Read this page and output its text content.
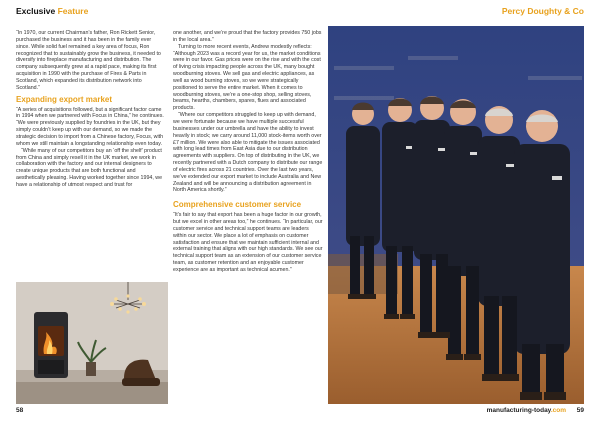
Exclusive Feature	Percy Doughty & Co

“In 1970, our current Chairman’s father, Ron Rickett Senior, purchased the business and it has been in the family ever since. While solid fuel remained a key area of focus, Ron recognized that to sustainably grow the business, it needed to diversify into fireplace manufacturing and distribution. The company subsequently grew at a rapid pace, making its first acquisition in 1990 with the purchase of Fires & Parts in Scotland, which expanded its distribution network into Scotland.”

Expanding export market

“A series of acquisitions followed, but a significant factor came in 1994 when we partnered with Focus in China,” he continues. “We were previously supplied by foundries in the UK, but they simply couldn’t keep up with our demand, so we made the strategic decision to import from a Chinese factory, Focus, with whom we still maintain a longstanding relationship even today.

“While many of our competitors buy an ‘off the shelf’ product from China and simply resell it in the UK market, we work in collaboration with the factory and our internal designers to create unique products that are both functional and aesthetically pleasing. Having worked together since 1994, we have a relationship of utmost respect and trust for

one another, and we’re proud that the factory provides 750 jobs in the local area.”

Turning to more recent events, Andrew modestly reflects: “Although 2023 was a record year for us, the market conditions were in our favor. Gas prices were on the rise and with the cost of living crisis impacting people across the UK, many bought woodburning stoves. We sell gas and electric appliances, as well as wood burning stoves, so we were strategically positioned to serve the entire market. When it comes to woodburning stoves, we’re a one-stop shop, selling stoves, beams, hearths, chambers, spares, flues and associated products.

“Where our competitors struggled to keep up with demand, we were fortunate because we have multiple successful businesses under our umbrella and have the ability to invest heavily in stock; we carry around 11,000 stock-items worth over £7 million. We were also able to mitigate the issues associated with long lead times from East Asia due to our distribution agreements with suppliers. On top of distributing in the UK, we recently partnered with a Dutch company to distribute our range of electric fires across 21 countries. Over the last two years, we’ve extended our export market to include Australia and New Zealand and will be announcing a distribution agreement in North America shortly.”

Comprehensive customer service

“It’s fair to say that export has been a huge factor in our growth, but we excel in other areas too,” he continues. “In particular, our customer service and technical support teams are leaders within our sector. We place a lot of emphasis on customer satisfaction and ensure that we maintain sufficient internal and external training that aligns with our high standards. We see our technical support team as an extension of our customer service team, as customer retention and an enjoyable customer experience are as important as technical acumen.”

58	manufacturing-today.com 59
